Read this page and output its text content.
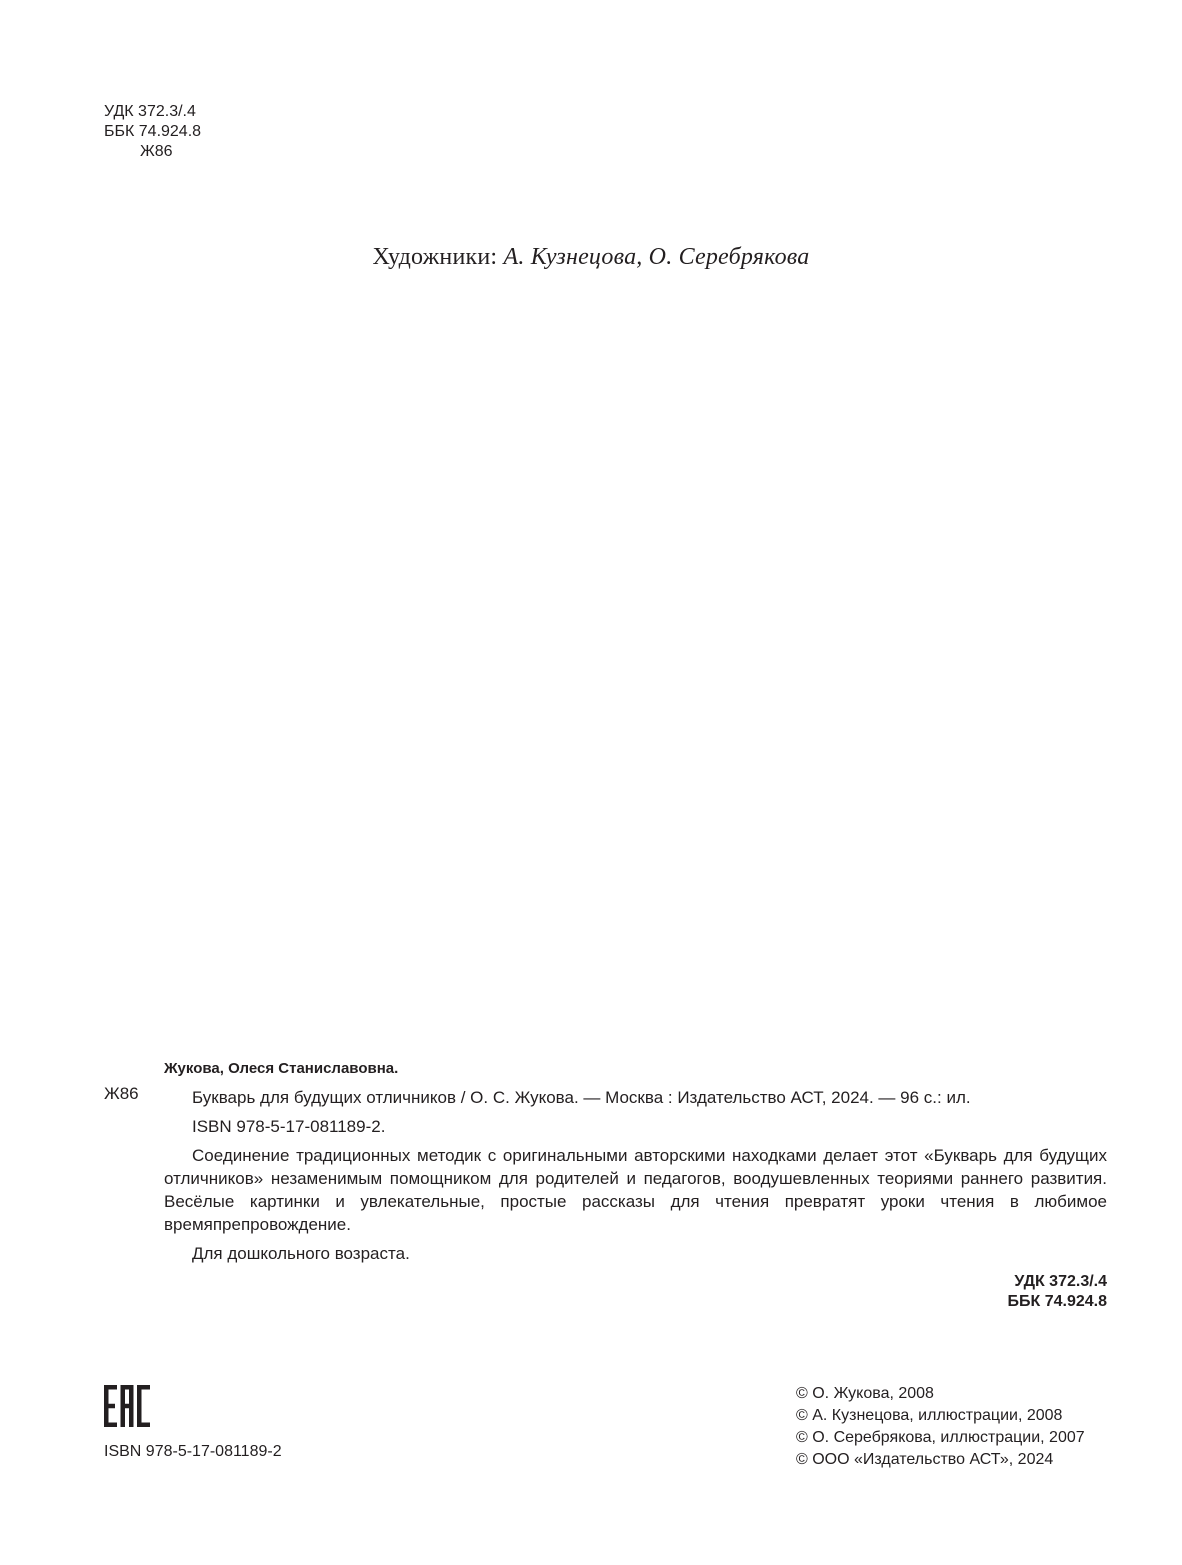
УДК 372.3/.4
ББК 74.924.8
Ж86
Художники: А. Кузнецова, О. Серебрякова
Ж86

Жукова, Олеся Станиславовна.

Букварь для будущих отличников / О. С. Жукова. — Москва : Издательство АСТ, 2024. — 96 с.: ил.

ISBN 978-5-17-081189-2.

Соединение традиционных методик с оригинальными авторскими находками делает этот «Букварь для будущих отличников» незаменимым помощником для родителей и педагогов, воодушевленных теориями раннего развития. Весёлые картинки и увлекательные, простые рассказы для чтения превратят уроки чтения в любимое времяпрепровождение.

Для дошкольного возраста.

УДК 372.3/.4
ББК 74.924.8
ISBN 978-5-17-081189-2
© О. Жукова, 2008
© А. Кузнецова, иллюстрации, 2008
© О. Серебрякова, иллюстрации, 2007
© ООО «Издательство АСТ», 2024
